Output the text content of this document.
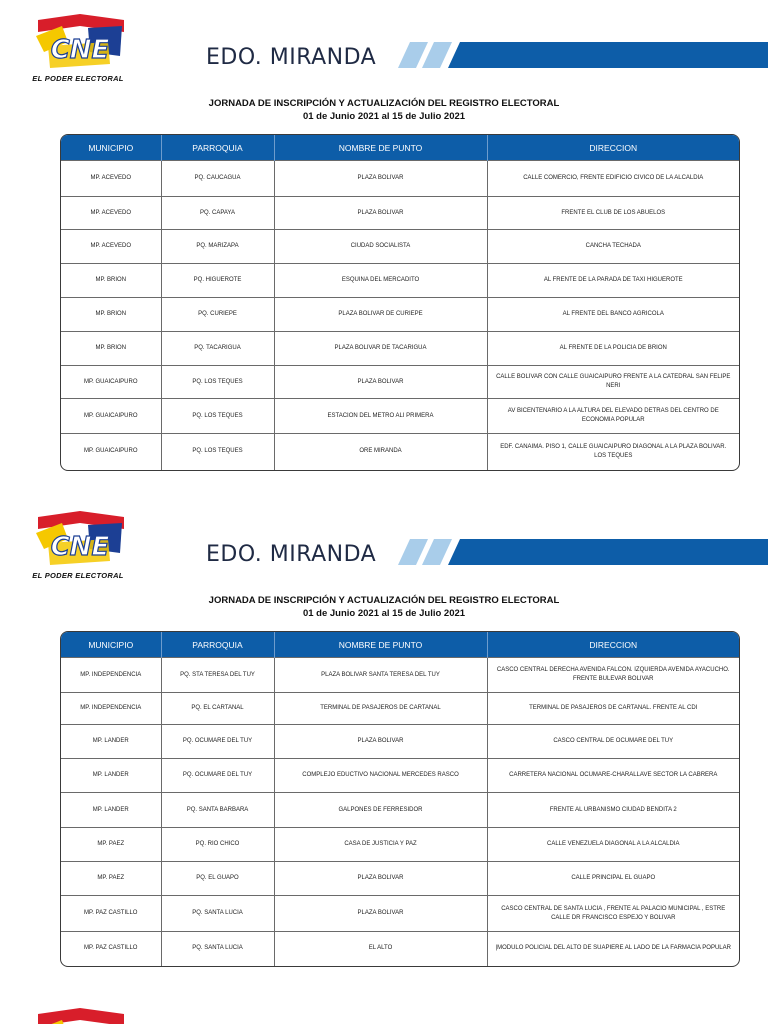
CNE
EL PODER ELECTORAL
EDO. MIRANDA
JORNADA DE INSCRIPCIÓN Y ACTUALIZACIÓN DEL REGISTRO ELECTORAL
01 de Junio 2021 al 15 de Julio 2021
MUNICIPIO	PARROQUIA	NOMBRE DE PUNTO	DIRECCION
MP. ACEVEDO	PQ. CAUCAGUA	PLAZA BOLIVAR	CALLE COMERCIO, FRENTE EDIFICIO CIVICO DE LA ALCALDIA
MP. ACEVEDO	PQ. CAPAYA	PLAZA BOLIVAR	FRENTE EL CLUB DE LOS ABUELOS
MP. ACEVEDO	PQ. MARIZAPA	CIUDAD SOCIALISTA	CANCHA TECHADA
MP. BRION	PQ. HIGUEROTE	ESQUINA DEL MERCADITO	AL FRENTE DE LA PARADA DE TAXI HIGUEROTE
MP. BRION	PQ. CURIEPE	PLAZA BOLIVAR DE CURIEPE	AL FRENTE DEL BANCO AGRICOLA
MP. BRION	PQ. TACARIGUA	PLAZA BOLIVAR DE TACARIGUA	AL FRENTE DE LA POLICIA DE BRION
MP. GUAICAIPURO	PQ. LOS TEQUES	PLAZA BOLIVAR	CALLE BOLIVAR CON CALLE GUAICAIPURO FRENTE A LA CATEDRAL SAN FELIPE NERI
MP. GUAICAIPURO	PQ. LOS TEQUES	ESTACION DEL METRO ALI PRIMERA	AV BICENTENARIO A LA ALTURA DEL ELEVADO DETRAS DEL CENTRO DE ECONOMIA POPULAR
MP. GUAICAIPURO	PQ. LOS TEQUES	ORE MIRANDA	EDF. CANAIMA. PISO 1, CALLE GUAICAIPURO DIAGONAL A LA PLAZA BOLIVAR. LOS TEQUES
CNE
EL PODER ELECTORAL
EDO. MIRANDA
JORNADA DE INSCRIPCIÓN Y ACTUALIZACIÓN DEL REGISTRO ELECTORAL
01 de Junio 2021 al 15 de Julio 2021
MUNICIPIO	PARROQUIA	NOMBRE DE PUNTO	DIRECCION
MP. INDEPENDENCIA	PQ. STA TERESA DEL TUY	PLAZA BOLIVAR SANTA TERESA DEL TUY	CASCO CENTRAL DERECHA AVENIDA FALCON. IZQUIERDA AVENIDA AYACUCHO. FRENTE BULEVAR BOLIVAR
MP. INDEPENDENCIA	PQ. EL CARTANAL	TERMINAL DE PASAJEROS DE CARTANAL	TERMINAL DE PASAJEROS DE CARTANAL. FRENTE AL CDI
MP. LANDER	PQ. OCUMARE DEL TUY	PLAZA BOLIVAR	CASCO CENTRAL DE OCUMARE DEL TUY
MP. LANDER	PQ. OCUMARE DEL TUY	COMPLEJO EDUCTIVO NACIONAL MERCEDES RASCO	CARRETERA NACIONAL OCUMARE-CHARALLAVE SECTOR LA CABRERA
MP. LANDER	PQ. SANTA BARBARA	GALPONES DE FERRESIDOR	FRENTE AL URBANISMO CIUDAD BENDITA 2
MP. PAEZ	PQ. RIO CHICO	CASA DE JUSTICIA Y PAZ	CALLE VENEZUELA DIAGONAL A LA ALCALDIA
MP. PAEZ	PQ. EL GUAPO	PLAZA BOLIVAR	CALLE PRINCIPAL EL GUAPO
MP. PAZ CASTILLO	PQ. SANTA LUCIA	PLAZA BOLIVAR	CASCO CENTRAL DE SANTA LUCIA , FRENTE AL PALACIO MUNICIPAL , ESTRE CALLE DR FRANCISCO ESPEJO Y BOLIVAR
MP. PAZ CASTILLO	PQ. SANTA LUCIA	EL ALTO	|MODULO POLICIAL DEL ALTO DE SUAPIERE AL LADO DE LA FARMACIA POPULAR
